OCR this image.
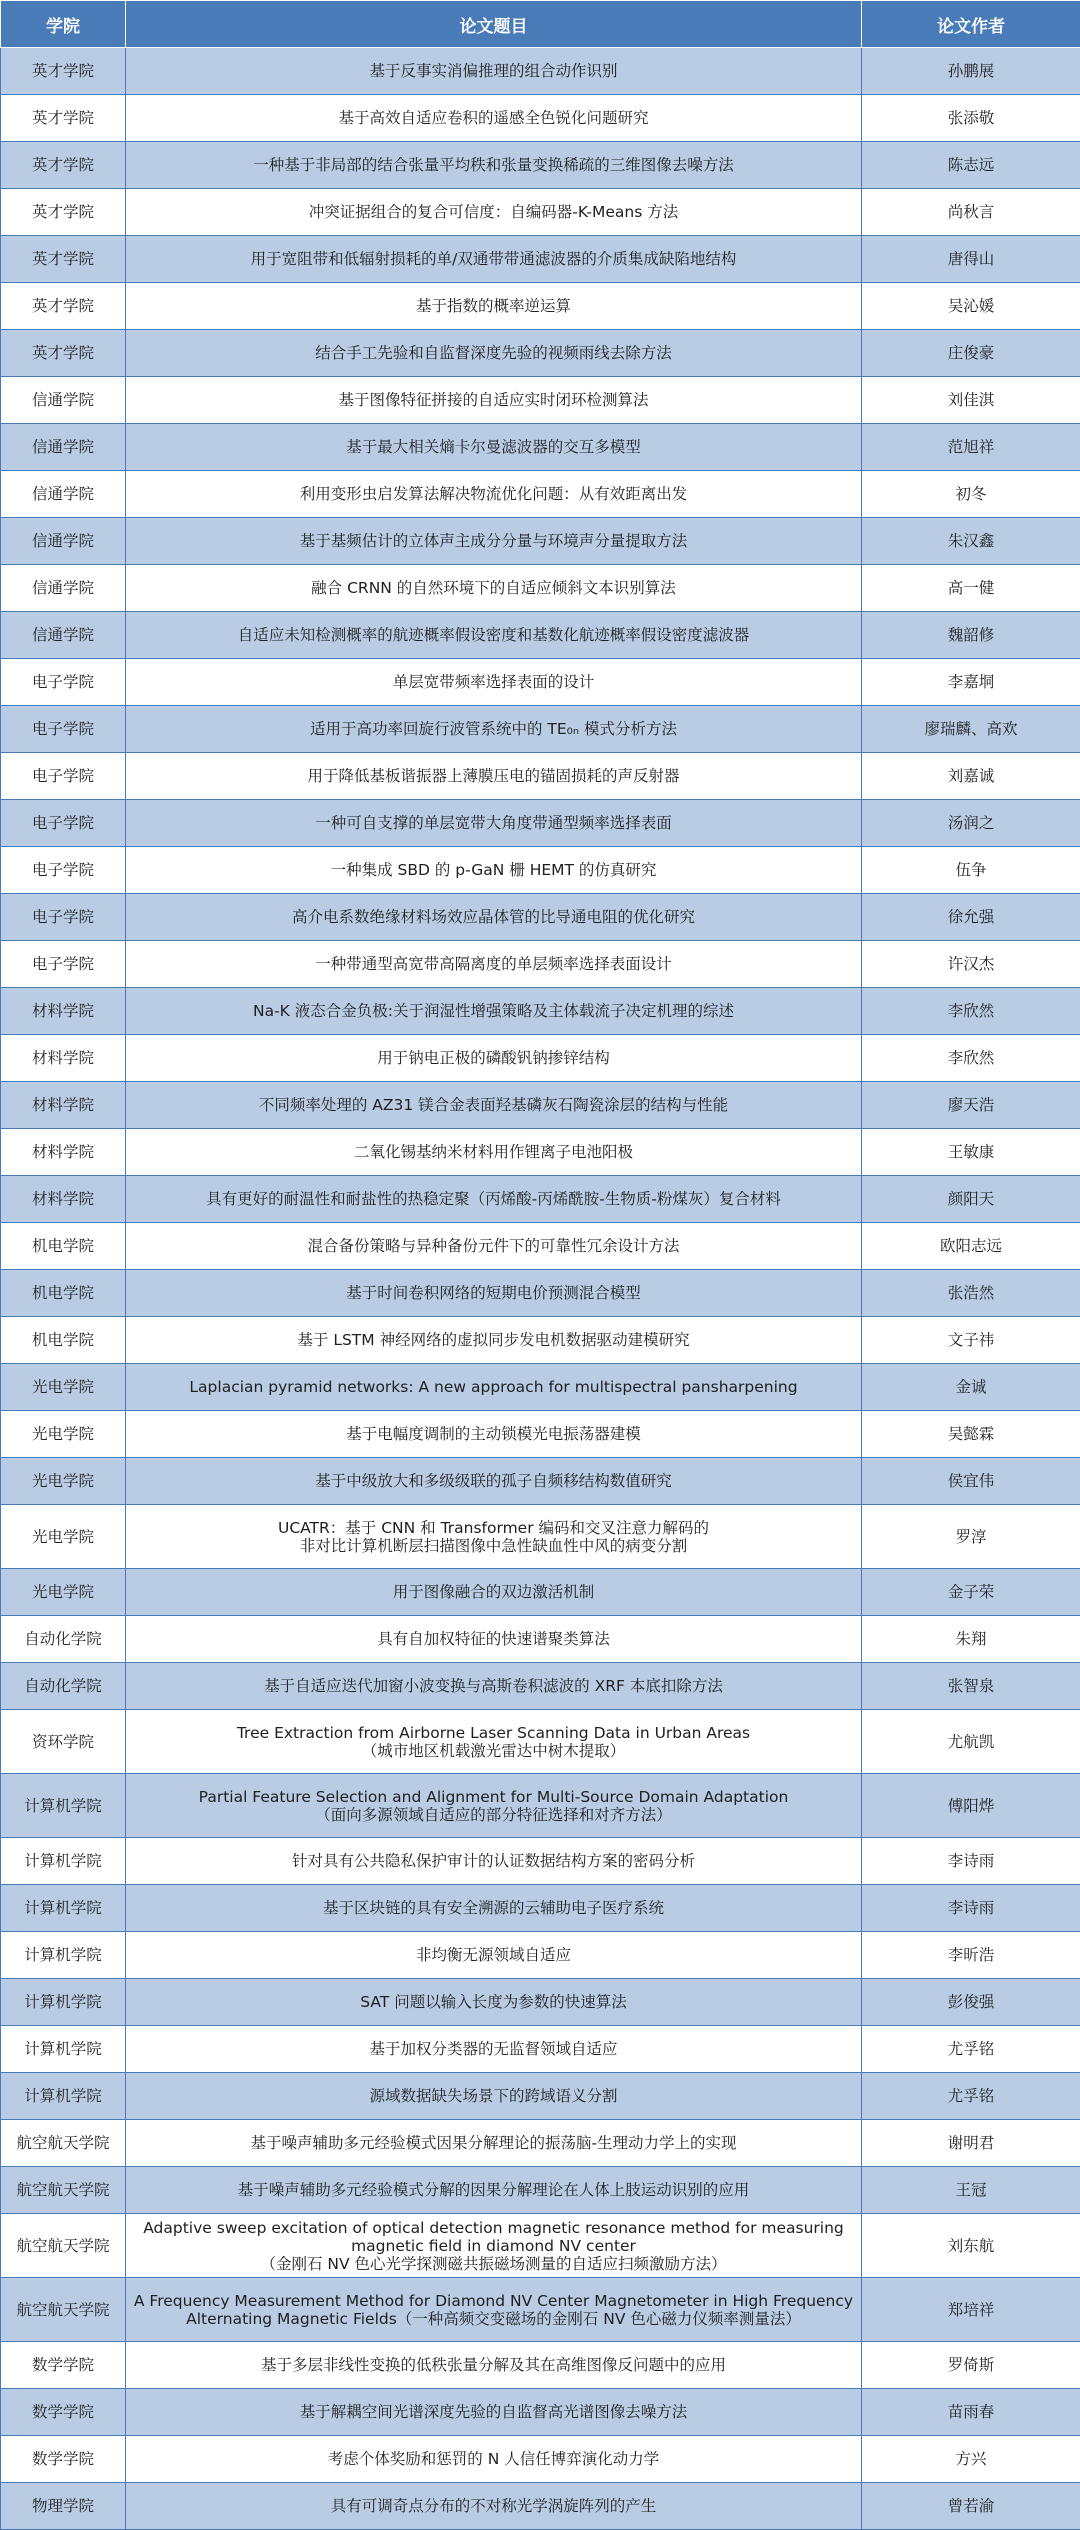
学院	论文题目	论文作者
英才学院	基于反事实消偏推理的组合动作识别	孙鹏展
英才学院	基于高效自适应卷积的遥感全色锐化问题研究	张添敬
英才学院	一种基于非局部的结合张量平均秩和张量变换稀疏的三维图像去噪方法	陈志远
英才学院	冲突证据组合的复合可信度：自编码器-K-Means 方法	尚秋言
英才学院	用于宽阻带和低辐射损耗的单/双通带带通滤波器的介质集成缺陷地结构	唐得山
英才学院	基于指数的概率逆运算	吴沁媛
英才学院	结合手工先验和自监督深度先验的视频雨线去除方法	庄俊豪
信通学院	基于图像特征拼接的自适应实时闭环检测算法	刘佳淇
信通学院	基于最大相关熵卡尔曼滤波器的交互多模型	范旭祥
信通学院	利用变形虫启发算法解决物流优化问题：从有效距离出发	初冬
信通学院	基于基频估计的立体声主成分分量与环境声分量提取方法	朱汉鑫
信通学院	融合 CRNN 的自然环境下的自适应倾斜文本识别算法	高一健
信通学院	自适应未知检测概率的航迹概率假设密度和基数化航迹概率假设密度滤波器	魏韶修
电子学院	单层宽带频率选择表面的设计	李嘉垌
电子学院	适用于高功率回旋行波管系统中的 TE₀ₙ 模式分析方法	廖瑞麟、高欢
电子学院	用于降低基板谐振器上薄膜压电的锚固损耗的声反射器	刘嘉诚
电子学院	一种可自支撑的单层宽带大角度带通型频率选择表面	汤润之
电子学院	一种集成 SBD 的 p-GaN 栅 HEMT 的仿真研究	伍争
电子学院	高介电系数绝缘材料场效应晶体管的比导通电阻的优化研究	徐允强
电子学院	一种带通型高宽带高隔离度的单层频率选择表面设计	许汉杰
材料学院	Na-K 液态合金负极:关于润湿性增强策略及主体载流子决定机理的综述	李欣然
材料学院	用于钠电正极的磷酸钒钠掺锌结构	李欣然
材料学院	不同频率处理的 AZ31 镁合金表面羟基磷灰石陶瓷涂层的结构与性能	廖天浩
材料学院	二氧化锡基纳米材料用作锂离子电池阳极	王敏康
材料学院	具有更好的耐温性和耐盐性的热稳定聚（丙烯酸-丙烯酰胺-生物质-粉煤灰）复合材料	颜阳天
机电学院	混合备份策略与异种备份元件下的可靠性冗余设计方法	欧阳志远
机电学院	基于时间卷积网络的短期电价预测混合模型	张浩然
机电学院	基于 LSTM 神经网络的虚拟同步发电机数据驱动建模研究	文子祎
光电学院	Laplacian pyramid networks: A new approach for multispectral pansharpening	金诚
光电学院	基于电幅度调制的主动锁模光电振荡器建模	吴懿霖
光电学院	基于中级放大和多级级联的孤子自频移结构数值研究	侯宜伟
光电学院	UCATR：基于 CNN 和 Transformer 编码和交叉注意力解码的
非对比计算机断层扫描图像中急性缺血性中风的病变分割	罗淳
光电学院	用于图像融合的双边激活机制	金子荣
自动化学院	具有自加权特征的快速谱聚类算法	朱翔
自动化学院	基于自适应迭代加窗小波变换与高斯卷积滤波的 XRF 本底扣除方法	张智泉
资环学院	Tree Extraction from Airborne Laser Scanning Data in Urban Areas
（城市地区机载激光雷达中树木提取）	尤航凯
计算机学院	Partial Feature Selection and Alignment for Multi-Source Domain Adaptation
（面向多源领域自适应的部分特征选择和对齐方法）	傅阳烨
计算机学院	针对具有公共隐私保护审计的认证数据结构方案的密码分析	李诗雨
计算机学院	基于区块链的具有安全溯源的云辅助电子医疗系统	李诗雨
计算机学院	非均衡无源领域自适应	李昕浩
计算机学院	SAT 问题以输入长度为参数的快速算法	彭俊强
计算机学院	基于加权分类器的无监督领域自适应	尤孚铭
计算机学院	源域数据缺失场景下的跨域语义分割	尤孚铭
航空航天学院	基于噪声辅助多元经验模式因果分解理论的振荡脑-生理动力学上的实现	谢明君
航空航天学院	基于噪声辅助多元经验模式分解的因果分解理论在人体上肢运动识别的应用	王冠
航空航天学院	Adaptive sweep excitation of optical detection magnetic resonance method for measuring
magnetic field in diamond NV center
（金刚石 NV 色心光学探测磁共振磁场测量的自适应扫频激励方法）	刘东航
航空航天学院	A Frequency Measurement Method for Diamond NV Center Magnetometer in High Frequency
Alternating Magnetic Fields（一种高频交变磁场的金刚石 NV 色心磁力仪频率测量法）	郑培祥
数学学院	基于多层非线性变换的低秩张量分解及其在高维图像反问题中的应用	罗倚斯
数学学院	基于解耦空间光谱深度先验的自监督高光谱图像去噪方法	苗雨春
数学学院	考虑个体奖励和惩罚的 N 人信任博弈演化动力学	方兴
物理学院	具有可调奇点分布的不对称光学涡旋阵列的产生	曾若渝
